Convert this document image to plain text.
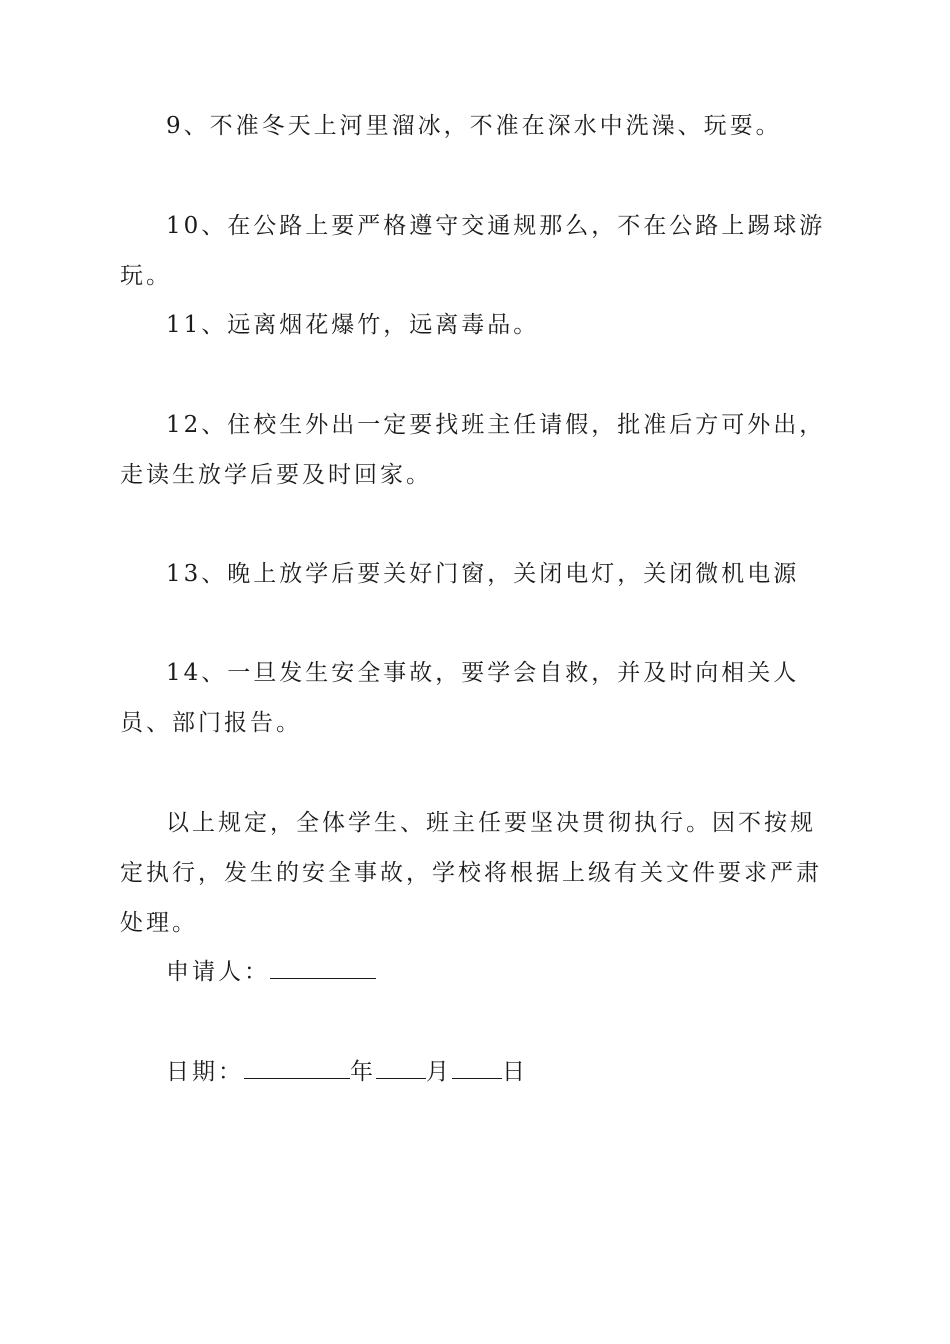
9、不准冬天上河里溜冰，不准在深水中洗澡、玩耍。

10、在公路上要严格遵守交通规那么，不在公路上踢球游玩。

11、远离烟花爆竹，远离毒品。

12、住校生外出一定要找班主任请假，批准后方可外出，走读生放学后要及时回家。

13、晚上放学后要关好门窗，关闭电灯，关闭微机电源

14、一旦发生安全事故，要学会自救，并及时向相关人员、部门报告。

以上规定，全体学生、班主任要坚决贯彻执行。因不按规定执行，发生的安全事故，学校将根据上级有关文件要求严肃处理。

申请人：
日期：	年 月 日
